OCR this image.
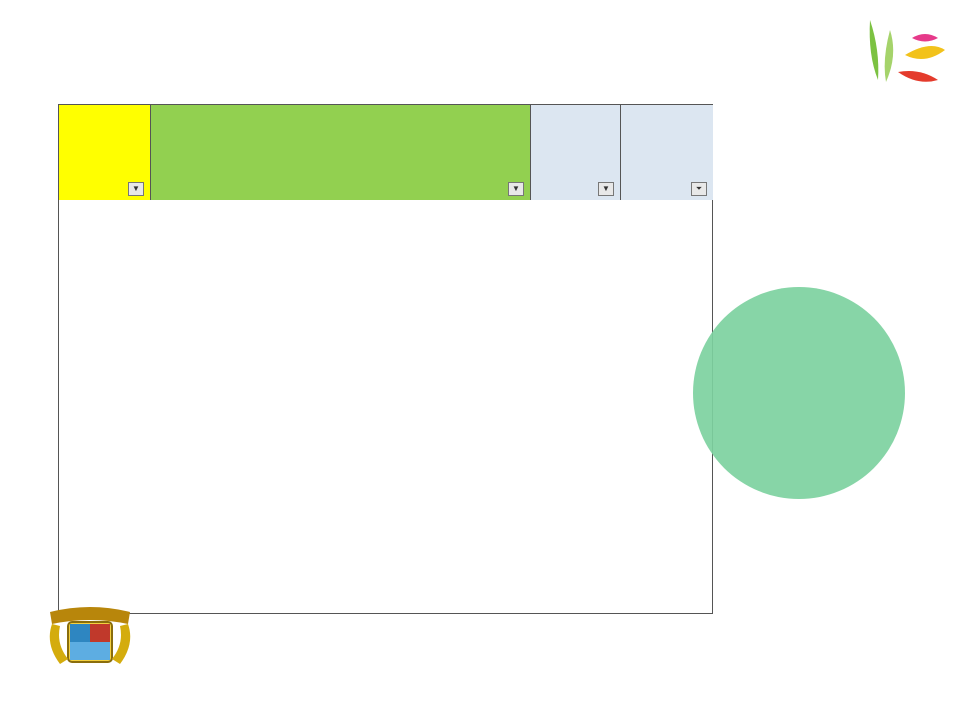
▼	▼	▼	⏷
